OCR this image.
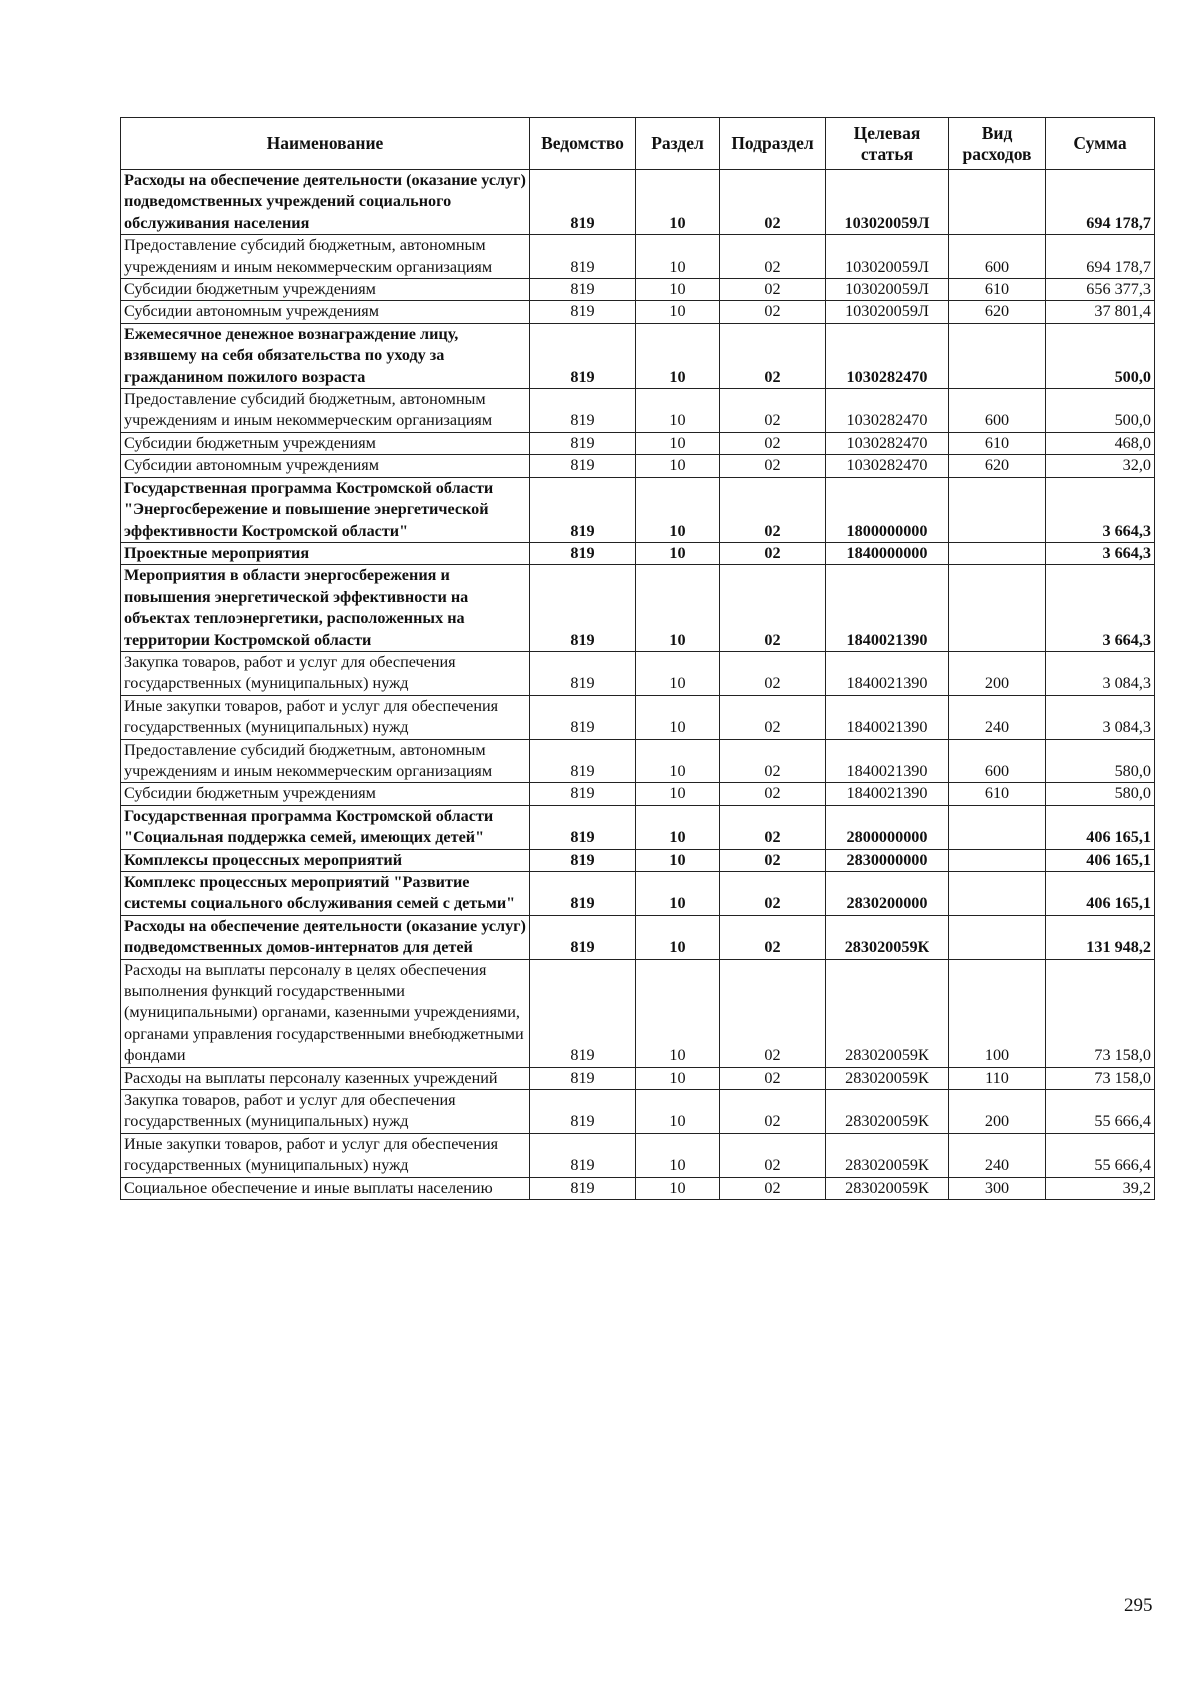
Наименование	Ведомство	Раздел	Подраздел	Целевая статья	Вид расходов	Сумма
Расходы на обеспечение деятельности (оказание услуг) подведомственных учреждений социального обслуживания населения	819	10	02	103020059Л		694 178,7
Предоставление субсидий бюджетным, автономным учреждениям и иным некоммерческим организациям	819	10	02	103020059Л	600	694 178,7
Субсидии бюджетным учреждениям	819	10	02	103020059Л	610	656 377,3
Субсидии автономным учреждениям	819	10	02	103020059Л	620	37 801,4
Ежемесячное денежное вознаграждение лицу, взявшему на себя обязательства по уходу за гражданином пожилого возраста	819	10	02	1030282470		500,0
Предоставление субсидий бюджетным, автономным учреждениям и иным некоммерческим организациям	819	10	02	1030282470	600	500,0
Субсидии бюджетным учреждениям	819	10	02	1030282470	610	468,0
Субсидии автономным учреждениям	819	10	02	1030282470	620	32,0
Государственная программа Костромской области "Энергосбережение и повышение энергетической эффективности Костромской области"	819	10	02	1800000000		3 664,3
Проектные мероприятия	819	10	02	1840000000		3 664,3
Мероприятия в области энергосбережения и повышения энергетической эффективности на объектах теплоэнергетики, расположенных на территории Костромской области	819	10	02	1840021390		3 664,3
Закупка товаров, работ и услуг для обеспечения государственных (муниципальных) нужд	819	10	02	1840021390	200	3 084,3
Иные закупки товаров, работ и услуг для обеспечения государственных (муниципальных) нужд	819	10	02	1840021390	240	3 084,3
Предоставление субсидий бюджетным, автономным учреждениям и иным некоммерческим организациям	819	10	02	1840021390	600	580,0
Субсидии бюджетным учреждениям	819	10	02	1840021390	610	580,0
Государственная программа Костромской области "Социальная поддержка семей, имеющих детей"	819	10	02	2800000000		406 165,1
Комплексы процессных мероприятий	819	10	02	2830000000		406 165,1
Комплекс процессных мероприятий "Развитие системы социального обслуживания семей с детьми"	819	10	02	2830200000		406 165,1
Расходы на обеспечение деятельности (оказание услуг) подведомственных домов-интернатов для детей	819	10	02	283020059К		131 948,2
Расходы на выплаты персоналу в целях обеспечения выполнения функций государственными (муниципальными) органами, казенными учреждениями, органами управления государственными внебюджетными фондами	819	10	02	283020059К	100	73 158,0
Расходы на выплаты персоналу казенных учреждений	819	10	02	283020059К	110	73 158,0
Закупка товаров, работ и услуг для обеспечения государственных (муниципальных) нужд	819	10	02	283020059К	200	55 666,4
Иные закупки товаров, работ и услуг для обеспечения государственных (муниципальных) нужд	819	10	02	283020059К	240	55 666,4
Социальное обеспечение и иные выплаты населению	819	10	02	283020059К	300	39,2
295
